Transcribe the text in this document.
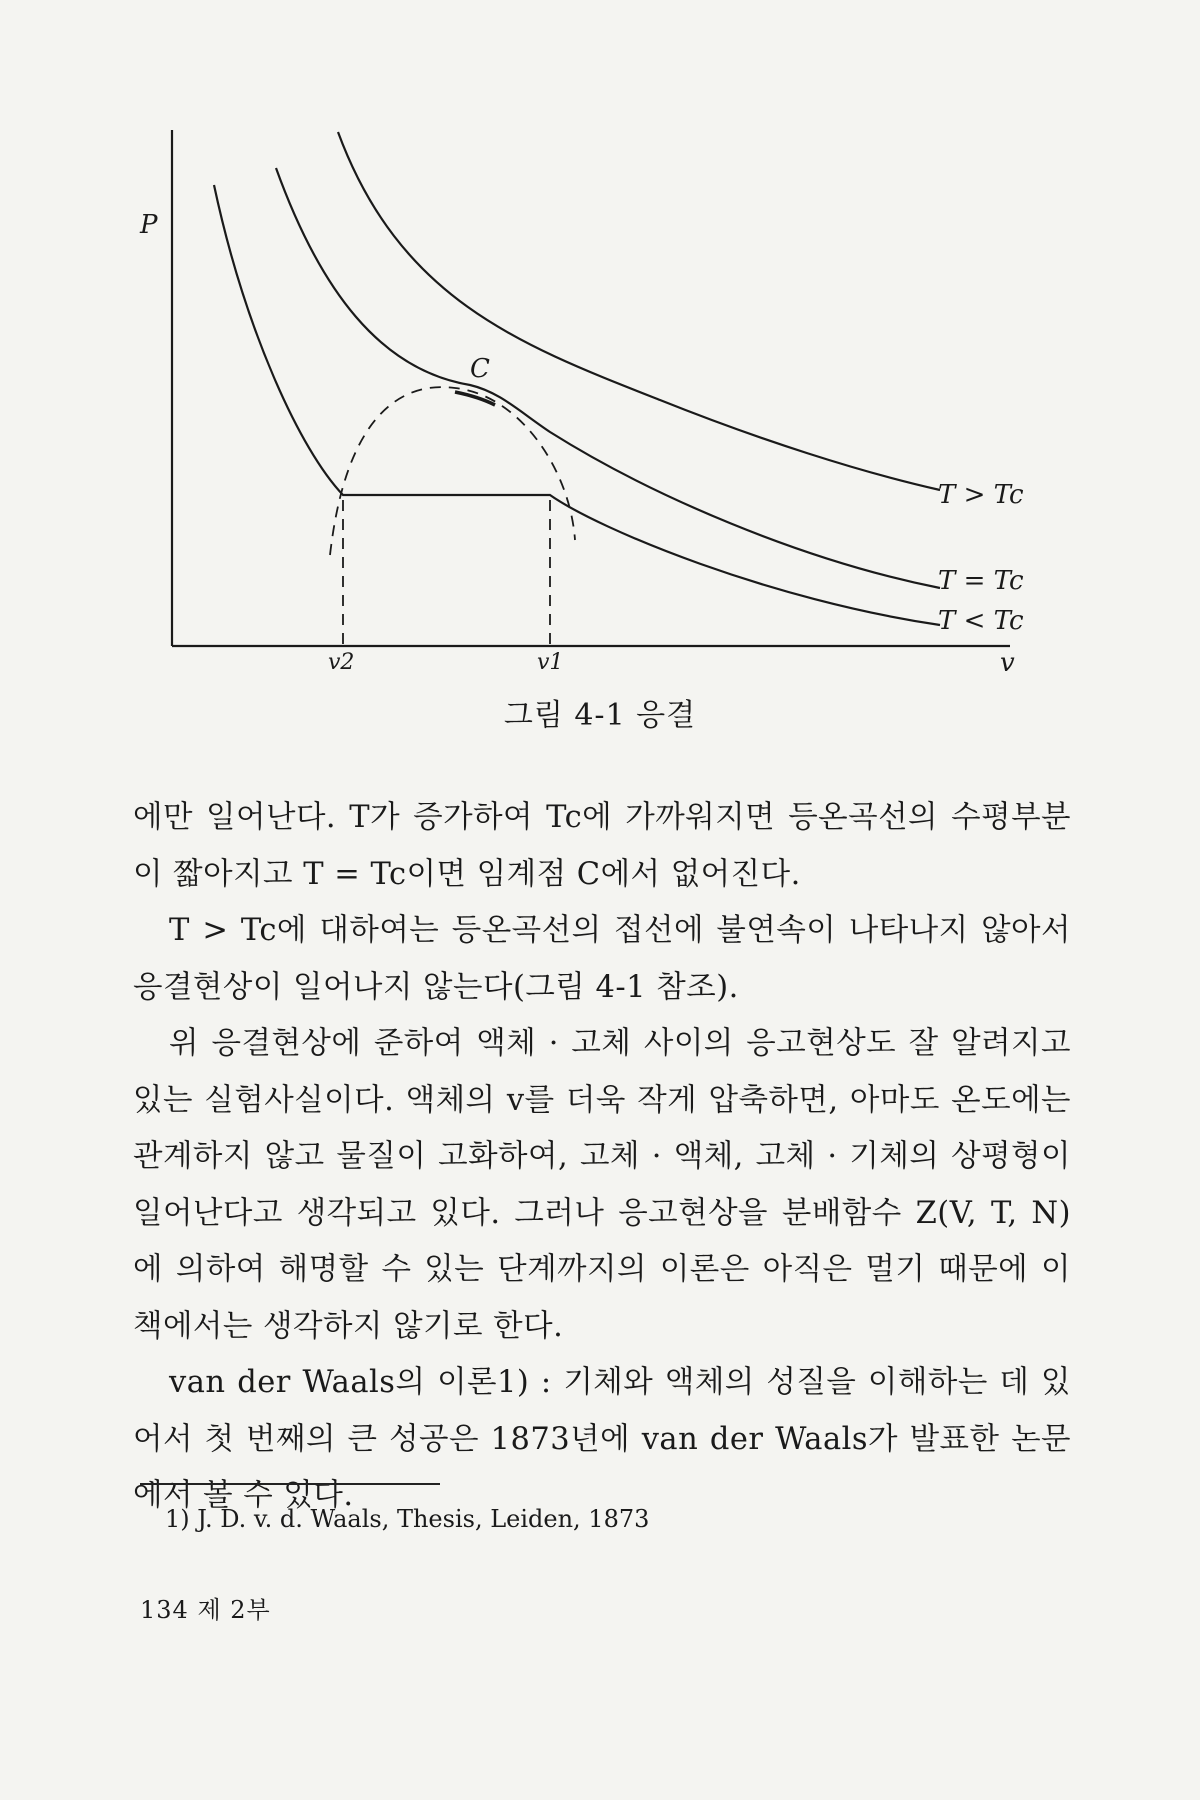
P
C
T > Tc
T = Tc
T < Tc
v2	v1	v
그림 4-1 응결

에만 일어난다. T가 증가하여 Tc에 가까워지면 등온곡선의 수평부분이 짧아지고 T = Tc이면 임계점 C에서 없어진다.

T > Tc에 대하여는 등온곡선의 접선에 불연속이 나타나지 않아서 응결현상이 일어나지 않는다(그림 4-1 참조).

위 응결현상에 준하여 액체 · 고체 사이의 응고현상도 잘 알려지고 있는 실험사실이다. 액체의 v를 더욱 작게 압축하면, 아마도 온도에는 관계하지 않고 물질이 고화하여, 고체 · 액체, 고체 · 기체의 상평형이 일어난다고 생각되고 있다. 그러나 응고현상을 분배함수 Z(V, T, N)에 의하여 해명할 수 있는 단계까지의 이론은 아직은 멀기 때문에 이 책에서는 생각하지 않기로 한다.

van der Waals의 이론1) : 기체와 액체의 성질을 이해하는 데 있어서 첫 번째의 큰 성공은 1873년에 van der Waals가 발표한 논문에서 볼 수 있다.

1) J. D. v. d. Waals, Thesis, Leiden, 1873
134 제 2부
